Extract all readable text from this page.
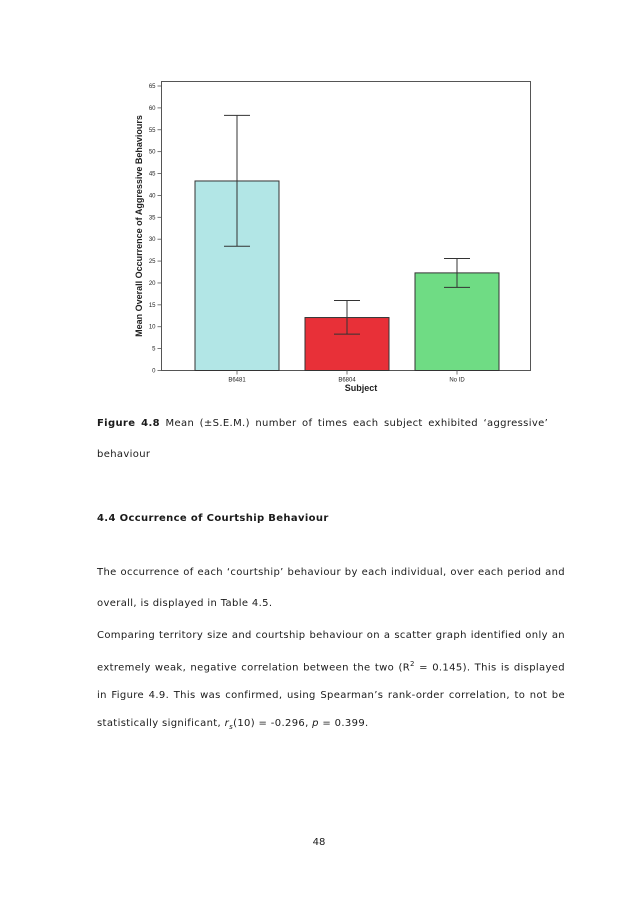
0
5
10
15
20
25
30
35
40
45
50
55
60
65
B6481	B6804	No ID
Mean Overall Occurrence of Aggressive Behaviours
Subject

Figure 4.8 Mean (±S.E.M.) number of times each subject exhibited ‘aggressive’ behaviour

4.4 Occurrence of Courtship Behaviour

The occurrence of each ‘courtship’ behaviour by each individual, over each period and overall, is displayed in Table 4.5.

Comparing territory size and courtship behaviour on a scatter graph identified only an extremely weak, negative correlation between the two $(R^2 = 0.145)$. This is displayed in Figure 4.9. This was confirmed, using Spearman’s rank-order correlation, to not be statistically significant, $r_s(10) = -0.296$, p = 0.399.

48
